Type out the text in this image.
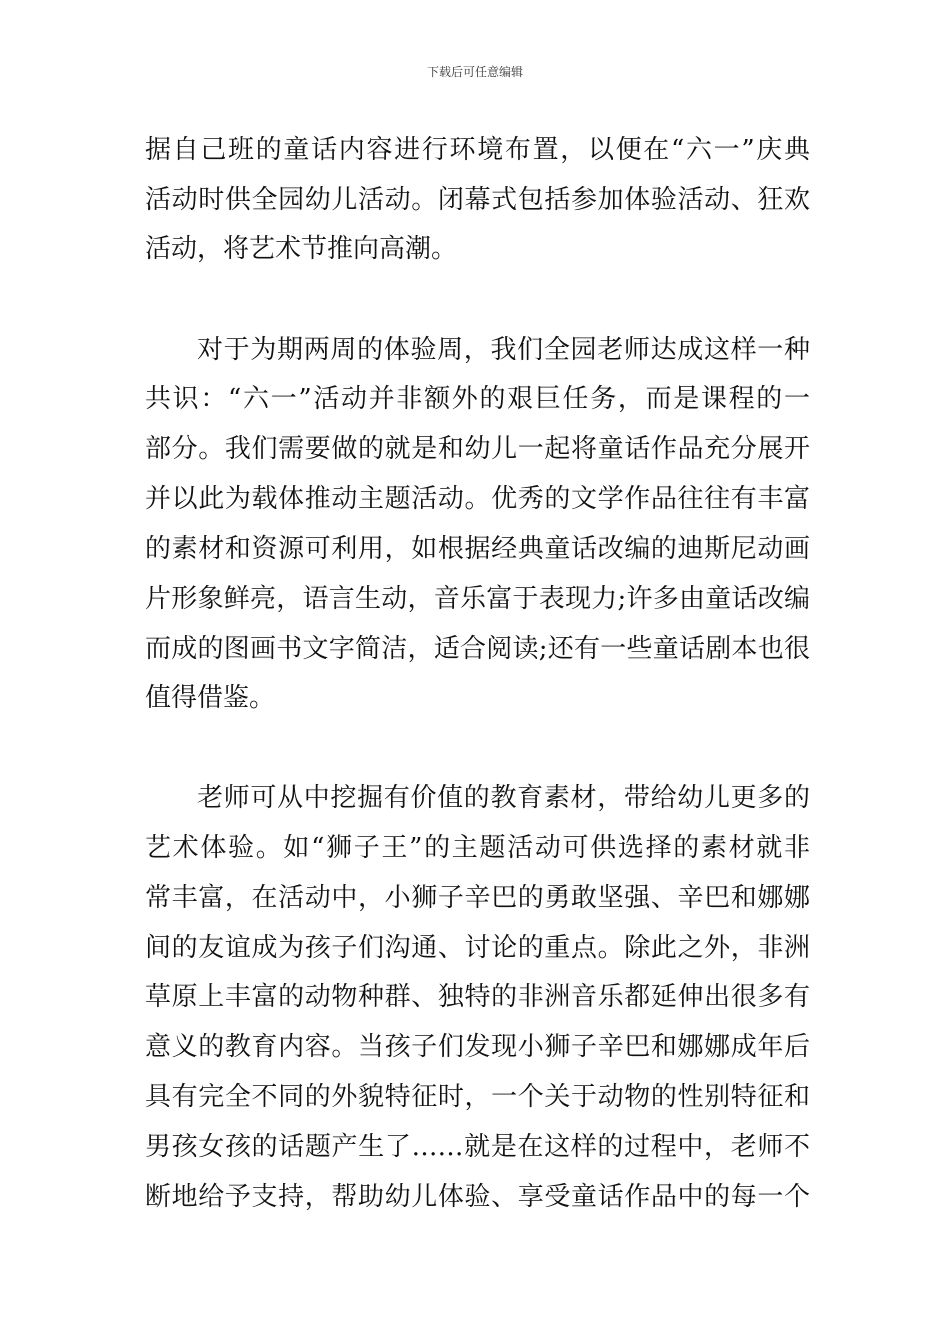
下载后可任意编辑
据自己班的童话内容进行环境布置，以便在“六一”庆典
活动时供全园幼儿活动。闭幕式包括参加体验活动、狂欢
活动，将艺术节推向高潮。
对于为期两周的体验周，我们全园老师达成这样一种
共识：“六一”活动并非额外的艰巨任务，而是课程的一
部分。我们需要做的就是和幼儿一起将童话作品充分展开
并以此为载体推动主题活动。优秀的文学作品往往有丰富
的素材和资源可利用，如根据经典童话改编的迪斯尼动画
片形象鲜亮，语言生动，音乐富于表现力;许多由童话改编
而成的图画书文字简洁，适合阅读;还有一些童话剧本也很
值得借鉴。
老师可从中挖掘有价值的教育素材，带给幼儿更多的
艺术体验。如“狮子王”的主题活动可供选择的素材就非
常丰富，在活动中，小狮子辛巴的勇敢坚强、辛巴和娜娜
间的友谊成为孩子们沟通、讨论的重点。除此之外，非洲
草原上丰富的动物种群、独特的非洲音乐都延伸出很多有
意义的教育内容。当孩子们发现小狮子辛巴和娜娜成年后
具有完全不同的外貌特征时，一个关于动物的性别特征和
男孩女孩的话题产生了……就是在这样的过程中，老师不
断地给予支持，帮助幼儿体验、享受童话作品中的每一个
